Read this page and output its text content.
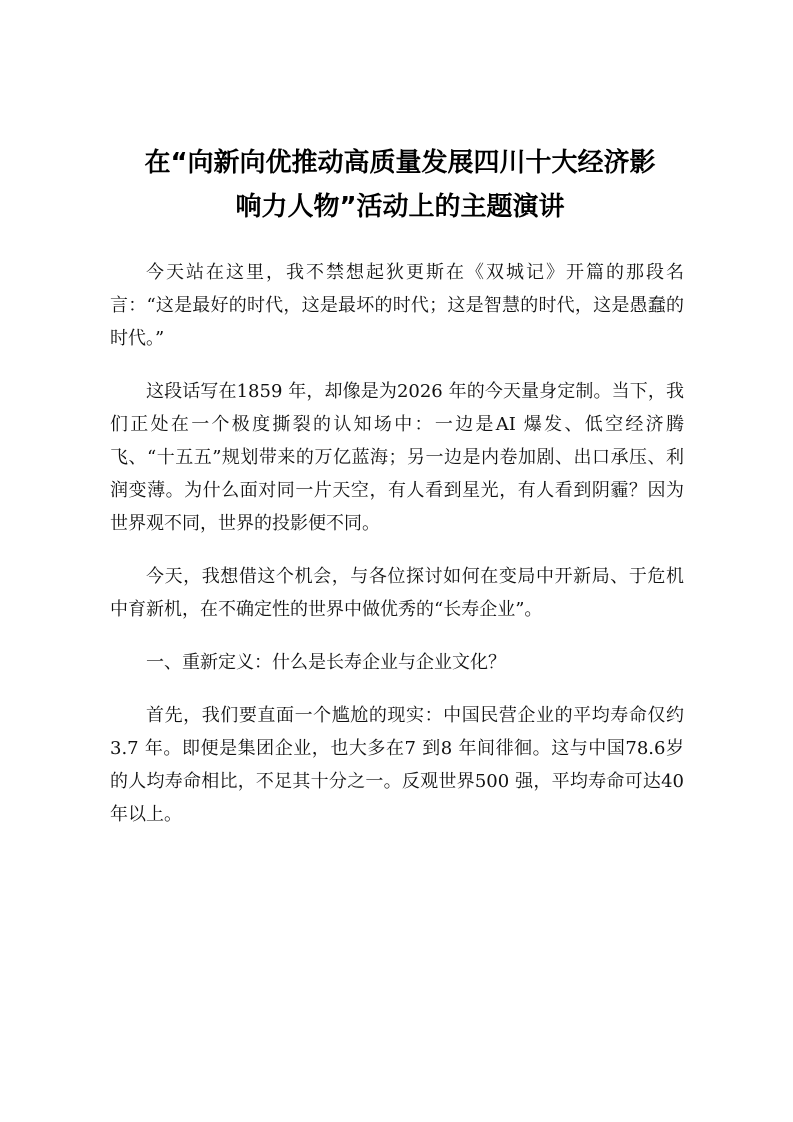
在“向新向优推动高质量发展四川十大经济影
响力人物”活动上的主题演讲

今天站在这里，我不禁想起狄更斯在《双城记》开篇的那段名言：“这是最好的时代，这是最坏的时代；这是智慧的时代，这是愚蠢的时代。”

这段话写在1859 年，却像是为2026 年的今天量身定制。当下，我们正处在一个极度撕裂的认知场中：一边是AI 爆发、低空经济腾飞、“十五五”规划带来的万亿蓝海；另一边是内卷加剧、出口承压、利润变薄。为什么面对同一片天空，有人看到星光，有人看到阴霾？因为世界观不同，世界的投影便不同。

今天，我想借这个机会，与各位探讨如何在变局中开新局、于危机中育新机，在不确定性的世界中做优秀的“长寿企业”。

一、重新定义：什么是长寿企业与企业文化？

首先，我们要直面一个尴尬的现实：中国民营企业的平均寿命仅约3.7 年。即便是集团企业，也大多在7 到8 年间徘徊。这与中国78.6岁的人均寿命相比，不足其十分之一。反观世界500 强，平均寿命可达40 年以上。
